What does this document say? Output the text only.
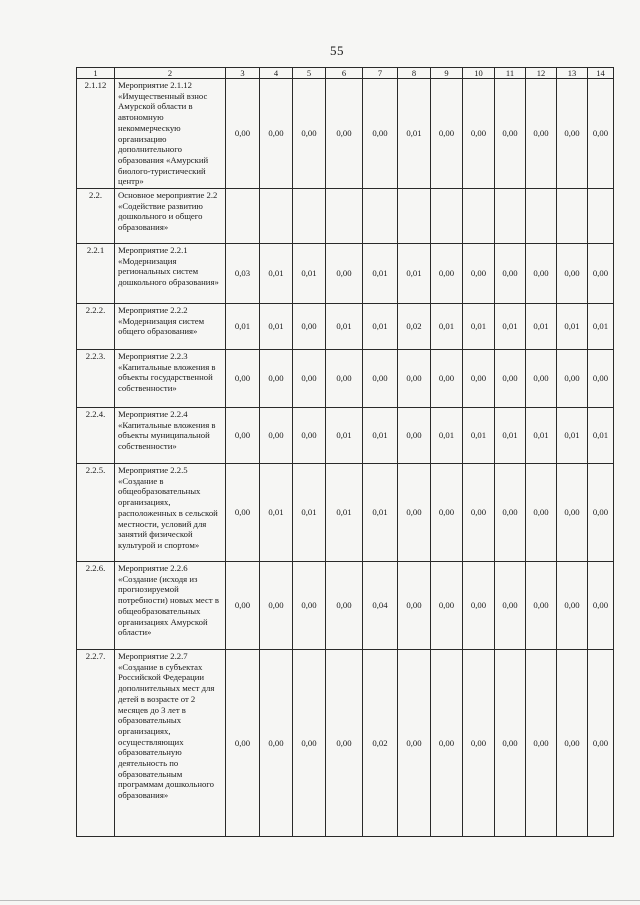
55
1	2	3	4	5	6	7	8	9	10	11	12	13	14
2.1.12	Мероприятие 2.1.12 «Имущественный взнос Амурской области в автономную некоммерческую организацию дополнительного образования «Амурский биолого-туристический центр»	0,00	0,00	0,00	0,00	0,00	0,01	0,00	0,00	0,00	0,00	0,00	0,00
2.2.	Основное мероприятие 2.2 «Содействие развитию дошкольного и общего образования»												
2.2.1	Мероприятие 2.2.1 «Модернизация региональных систем дошкольного образования»	0,03	0,01	0,01	0,00	0,01	0,01	0,00	0,00	0,00	0,00	0,00	0,00
2.2.2.	Мероприятие 2.2.2 «Модернизация систем общего образования»	0,01	0,01	0,00	0,01	0,01	0,02	0,01	0,01	0,01	0,01	0,01	0,01
2.2.3.	Мероприятие 2.2.3 «Капитальные вложения в объекты государственной собственности»	0,00	0,00	0,00	0,00	0,00	0,00	0,00	0,00	0,00	0,00	0,00	0,00
2.2.4.	Мероприятие 2.2.4 «Капитальные вложения в объекты муниципальной собственности»	0,00	0,00	0,00	0,01	0,01	0,00	0,01	0,01	0,01	0,01	0,01	0,01
2.2.5.	Мероприятие 2.2.5 «Создание в общеобразовательных организациях, расположенных в сельской местности, условий для занятий физической культурой и спортом»	0,00	0,01	0,01	0,01	0,01	0,00	0,00	0,00	0,00	0,00	0,00	0,00
2.2.6.	Мероприятие 2.2.6 «Создание (исходя из прогнозируемой потребности) новых мест в общеобразовательных организациях Амурской области»	0,00	0,00	0,00	0,00	0,04	0,00	0,00	0,00	0,00	0,00	0,00	0,00
2.2.7.	Мероприятие 2.2.7 «Создание в субъектах Российской Федерации дополнительных мест для детей в возрасте от 2 месяцев до 3 лет в образовательных организациях, осуществляющих образовательную деятельность по образовательным программам дошкольного образования»	0,00	0,00	0,00	0,00	0,02	0,00	0,00	0,00	0,00	0,00	0,00	0,00
